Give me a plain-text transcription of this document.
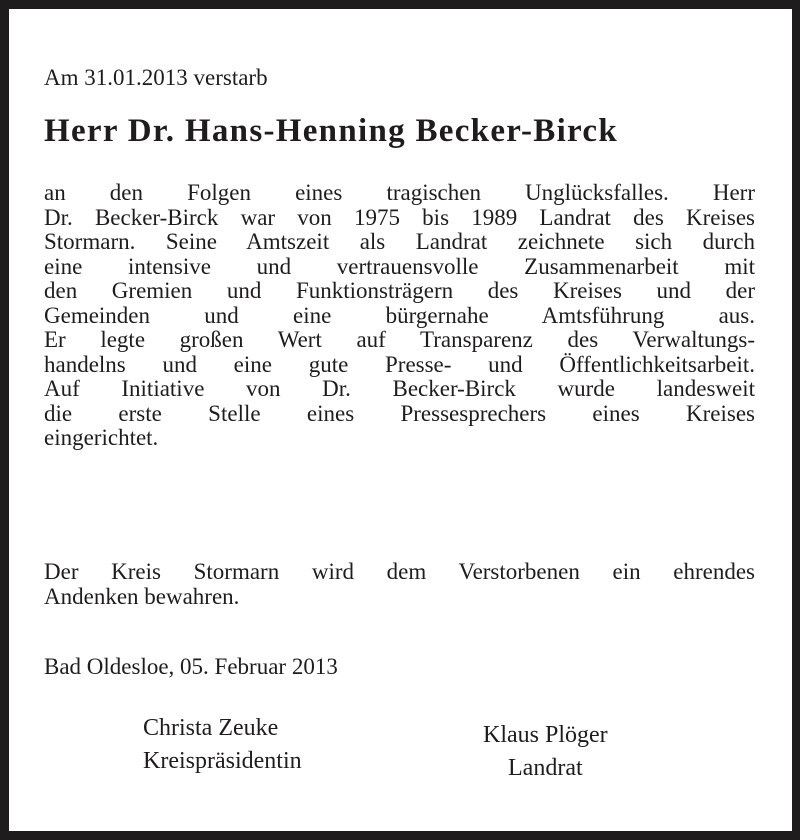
Am 31.01.2013 verstarb
Herr Dr. Hans-Henning Becker-Birck
an den Folgen eines tragischen Unglücksfalles. Herr
Dr. Becker-Birck war von 1975 bis 1989 Landrat des Kreises
Stormarn. Seine Amtszeit als Landrat zeichnete sich durch
eine intensive und vertrauensvolle Zusammenarbeit mit
den Gremien und Funktionsträgern des Kreises und der
Gemeinden und eine bürgernahe Amtsführung aus.
Er legte großen Wert auf Transparenz des Verwaltungs-
handelns und eine gute Presse- und Öffentlichkeitsarbeit.
Auf Initiative von Dr. Becker-Birck wurde landesweit
die erste Stelle eines Pressesprechers eines Kreises
eingerichtet.
Der Kreis Stormarn wird dem Verstorbenen ein ehrendes
Andenken bewahren.
Bad Oldesloe, 05. Februar 2013
Christa Zeuke
Kreispräsidentin
Klaus Plöger
Landrat
